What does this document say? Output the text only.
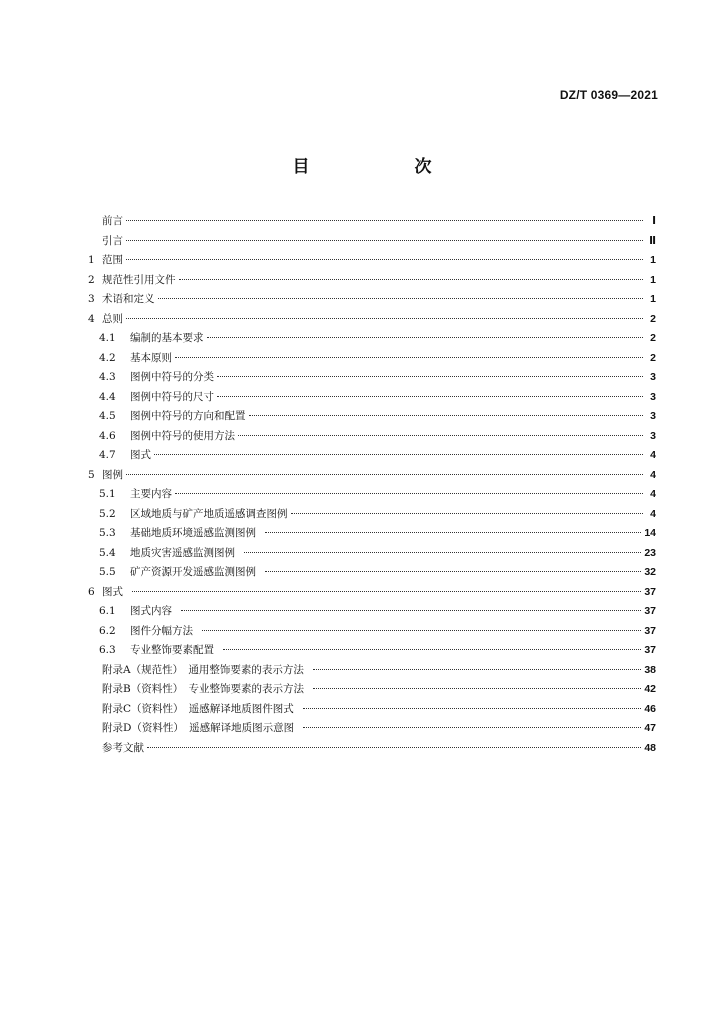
DZ/T 0369—2021
目　次
前言	Ⅰ
引言	Ⅱ
1 范围	1
2 规范性引用文件	1
3 术语和定义	1
4 总则	2
4.1	编制的基本要求	2
4.2	基本原则	2
4.3	图例中符号的分类	3
4.4	图例中符号的尺寸	3
4.5	图例中符号的方向和配置	3
4.6	图例中符号的使用方法	3
4.7	图式	4
5 图例	4
5.1	主要内容	4
5.2	区域地质与矿产地质遥感调查图例	4
5.3	基础地质环境遥感监测图例	14
5.4	地质灾害遥感监测图例	23
5.5	矿产资源开发遥感监测图例	32
6 图式	37
6.1	图式内容	37
6.2	图件分幅方法	37
6.3	专业整饰要素配置	37
附录A（规范性）　通用整饰要素的表示方法	38
附录B（资料性）　专业整饰要素的表示方法	42
附录C（资料性）　遥感解译地质图件图式	46
附录D（资料性）　遥感解译地质图示意图	47
参考文献	48
